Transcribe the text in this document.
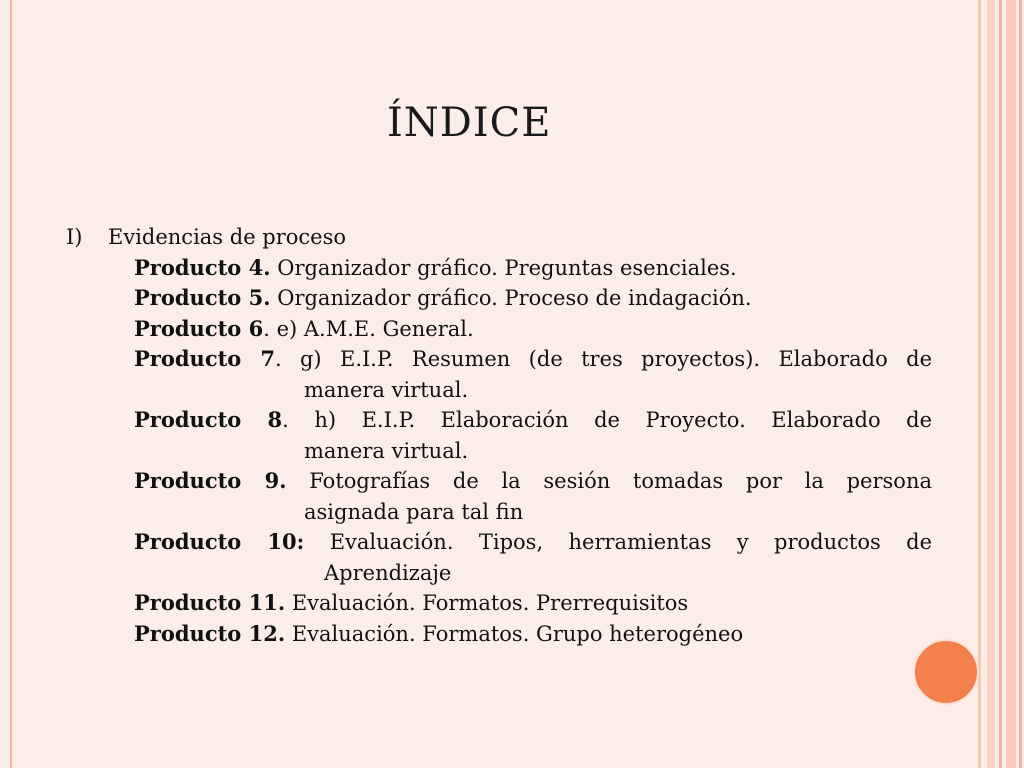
ÍNDICE
I)	Evidencias de proceso
Producto 4. Organizador gráfico. Preguntas esenciales.
Producto 5. Organizador gráfico. Proceso de indagación.
Producto 6. e) A.M.E. General.
Producto 7. g) E.I.P. Resumen (de tres proyectos). Elaborado de
manera virtual.
Producto 8. h) E.I.P. Elaboración de Proyecto. Elaborado de
manera virtual.
Producto 9. Fotografías de la sesión tomadas por la persona
asignada para tal fin
Producto 10: Evaluación. Tipos, herramientas y productos de
Aprendizaje
Producto 11. Evaluación. Formatos. Prerrequisitos
Producto 12. Evaluación. Formatos. Grupo heterogéneo
